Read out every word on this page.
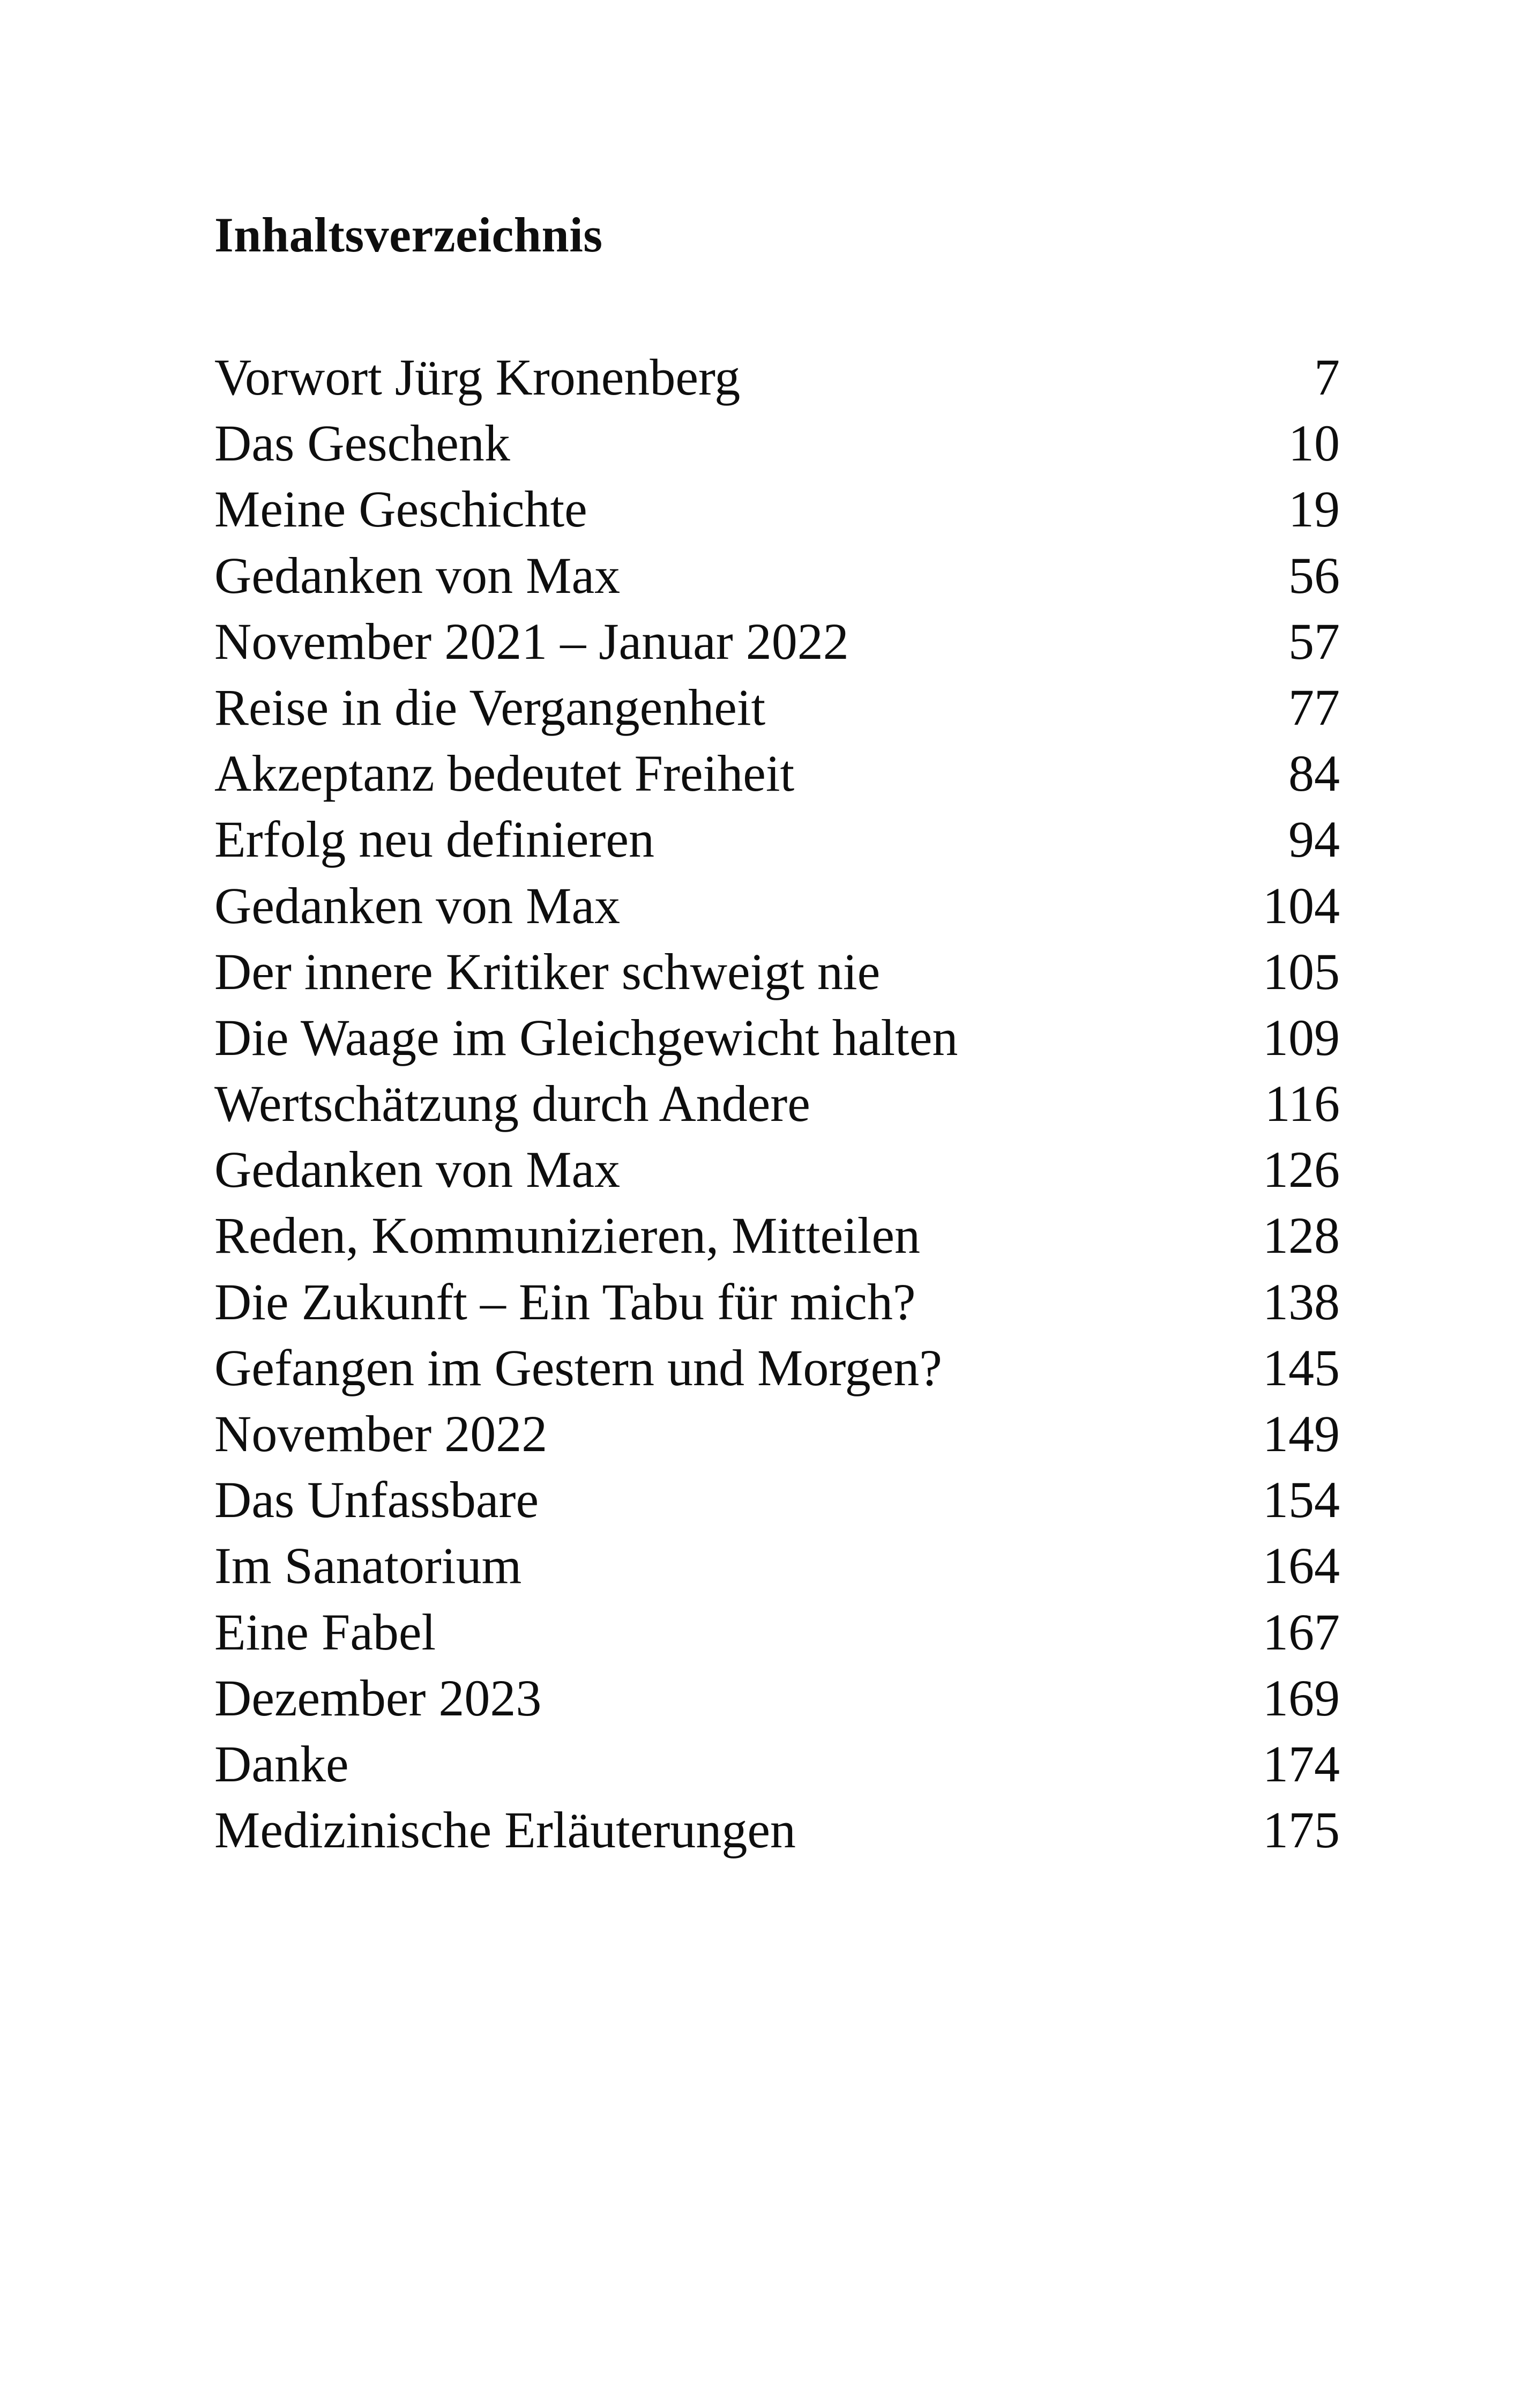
Inhaltsverzeichnis
Vorwort Jürg Kronenberg	7
Das Geschenk	10
Meine Geschichte	19
Gedanken von Max	56
November 2021 – Januar 2022	57
Reise in die Vergangenheit	77
Akzeptanz bedeutet Freiheit	84
Erfolg neu definieren	94
Gedanken von Max	104
Der innere Kritiker schweigt nie	105
Die Waage im Gleichgewicht halten	109
Wertschätzung durch Andere	116
Gedanken von Max	126
Reden, Kommunizieren, Mitteilen	128
Die Zukunft – Ein Tabu für mich?	138
Gefangen im Gestern und Morgen?	145
November 2022	149
Das Unfassbare	154
Im Sanatorium	164
Eine Fabel	167
Dezember 2023	169
Danke	174
Medizinische Erläuterungen	175
